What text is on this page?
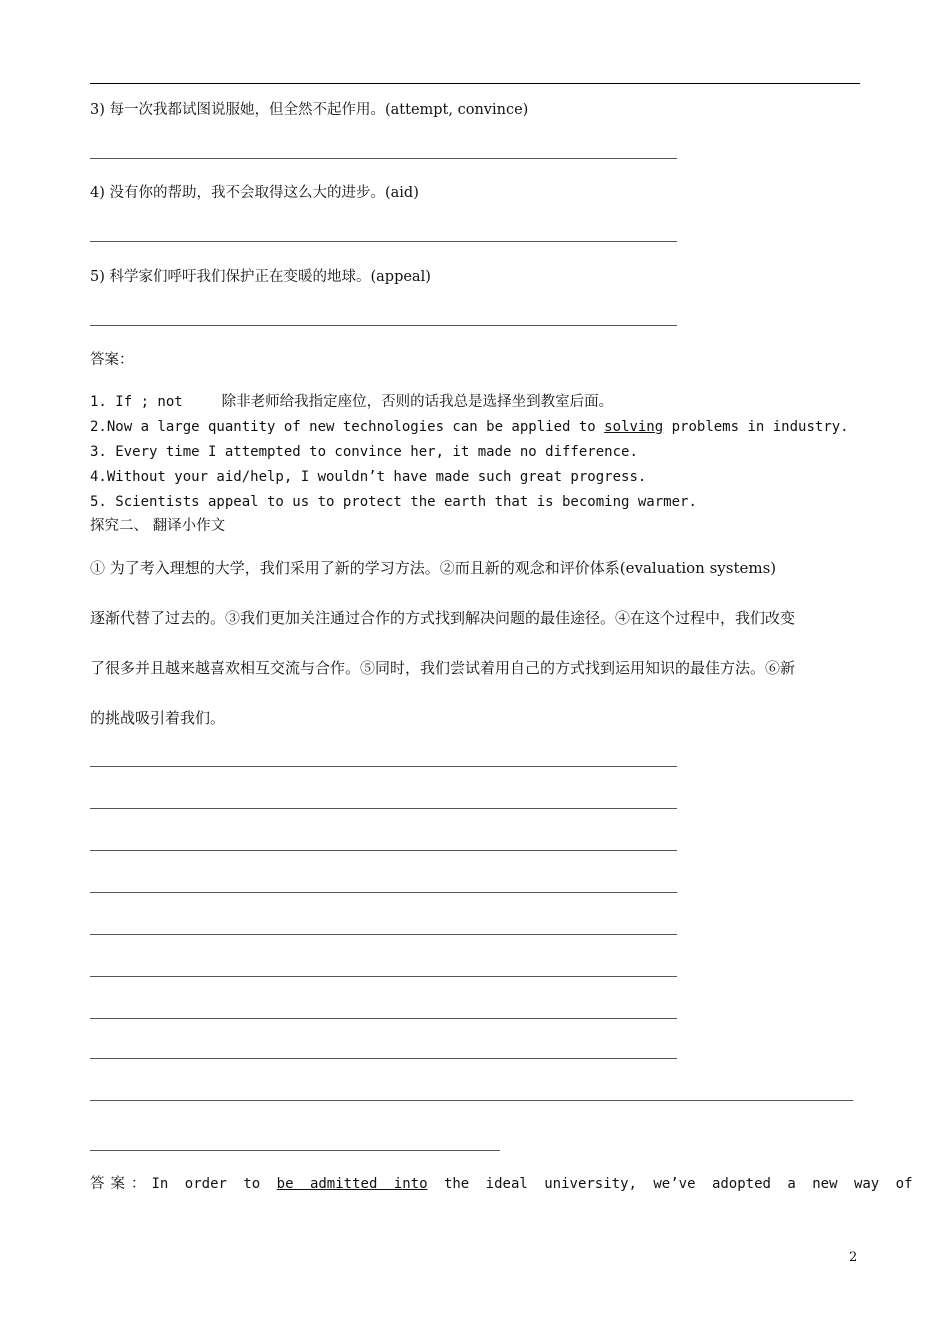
3) 每一次我都试图说服她，但全然不起作用。(attempt, convince)
4) 没有你的帮助，我不会取得这么大的进步。(aid)
5) 科学家们呼吁我们保护正在变暖的地球。(appeal)
答案：
1. If ; not	除非老师给我指定座位，否则的话我总是选择坐到教室后面。
2.Now a large quantity of new technologies can be applied to solving problems in industry.
3. Every time I attempted to convince her, it made no difference.
4.Without your aid/help, I wouldn’t have made such great progress.
5. Scientists appeal to us to protect the earth that is becoming warmer.
探究二、 翻译小作文
① 为了考入理想的大学，我们采用了新的学习方法。②而且新的观念和评价体系(evaluation systems)
逐渐代替了过去的。③我们更加关注通过合作的方式找到解决问题的最佳途径。④在这个过程中，我们改变
了很多并且越来越喜欢相互交流与合作。⑤同时，我们尝试着用自己的方式找到运用知识的最佳方法。⑥新
的挑战吸引着我们。
答案： In order to be admitted into the ideal university, we’ve adopted a new way of
2
